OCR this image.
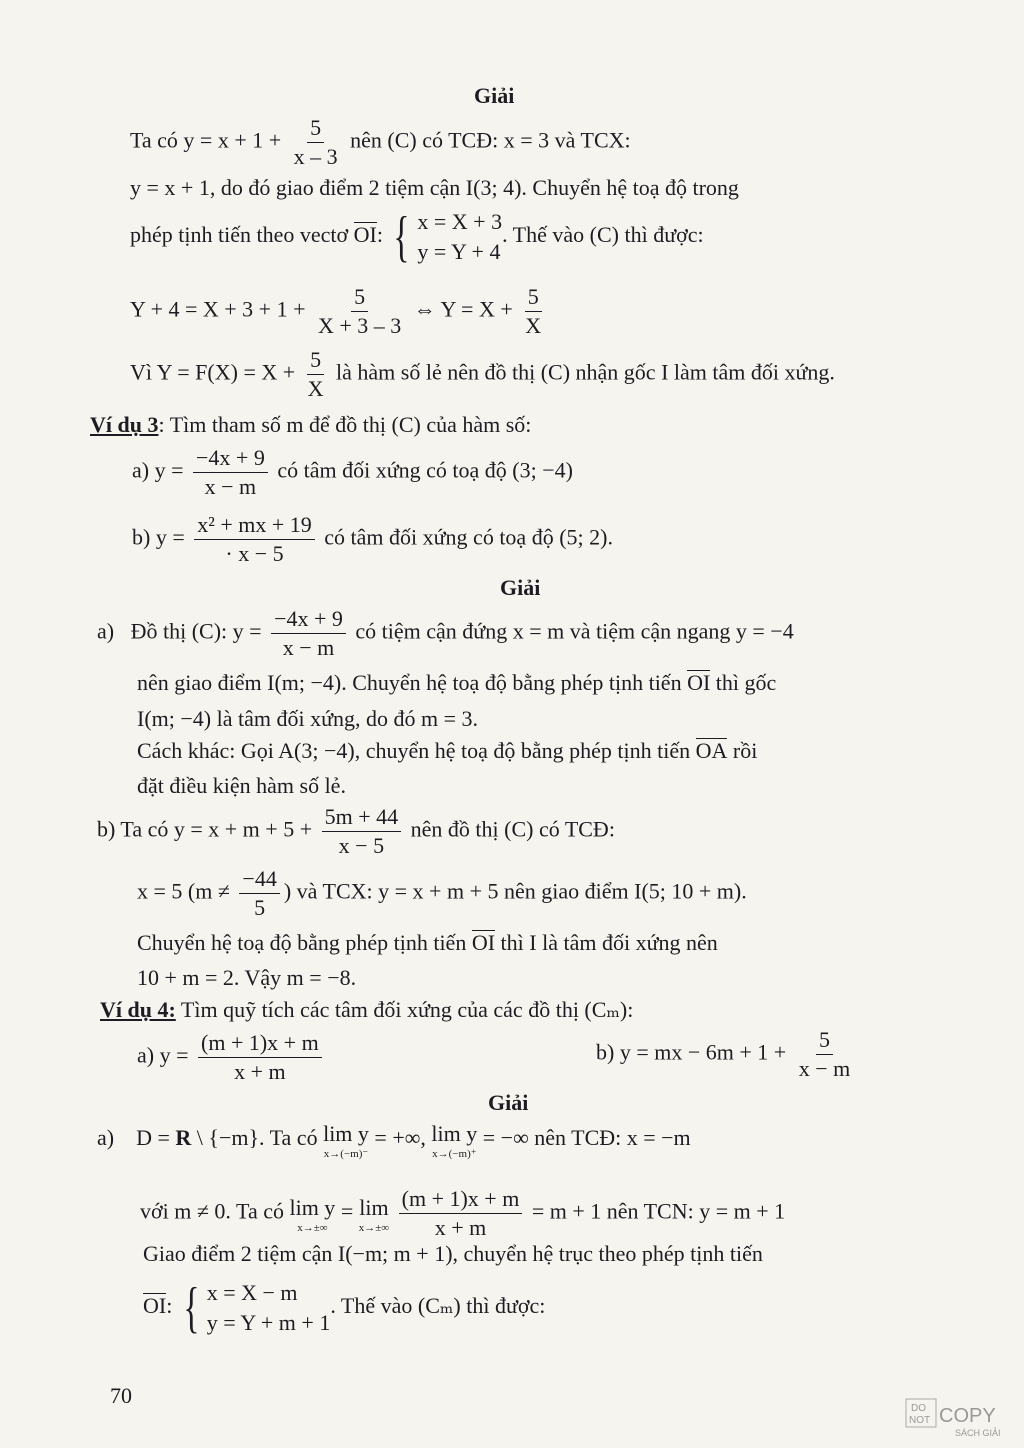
Giải
Ta có $y = x + 1 + \frac{5}{x - 3}$ nên (C) có TCĐ: x = 3 và TCX:
y = x + 1, do đó giao điểm 2 tiệm cận I(3; 4). Chuyển hệ toạ độ trong
phép tịnh tiến theo vectơ OI: { x = X + 3
y = Y + 4
. Thế vào (C) thì được:
$Y + 4 = X + 3 + 1 + \frac{5}{X + 3 - 3}$ ⇔ $Y = X + \frac{5}{X}$
Vì $Y = F(X) = X + \frac{5}{X}$ là hàm số lẻ nên đồ thị (C) nhận gốc I làm tâm đối xứng.
Ví dụ 3: Tìm tham số m để đồ thị (C) của hàm số:
a) $y = \frac{-4x + 9}{x - m}$ có tâm đối xứng có toạ độ (3; −4)
b) $y = \frac{\text{x² + mx + 19}}{\cdot x - 5}$ có tâm đối xứng có toạ độ (5; 2).
Giải
a) Đồ thị (C): $y = \frac{-4x + 9}{x - m}$ có tiệm cận đứng x = m và tiệm cận ngang y = −4
nên giao điểm I(m; −4). Chuyển hệ toạ độ bằng phép tịnh tiến OI thì gốc
I(m; −4) là tâm đối xứng, do đó m = 3.
Cách khác: Gọi A(3; −4), chuyển hệ toạ độ bằng phép tịnh tiến OA rồi
đặt điều kiện hàm số lẻ.
b) Ta có $y = x + m + 5 + \frac{5m + 44}{x - 5}$ nên đồ thị (C) có TCĐ:
x = 5 ($m \ne \frac{-44}{5}$ ) và TCX: y = x + m + 5 nên giao điểm I(5; 10 + m).
Chuyển hệ toạ độ bằng phép tịnh tiến OI thì I là tâm đối xứng nên
10 + m = 2. Vậy m = −8.
Ví dụ 4: Tìm quỹ tích các tâm đối xứng của các đồ thị (Cₘ):
a) $y = \frac{(m + 1)x + m}{x + m}$	b) y = mx − $6m + 1 + \frac{5}{x - m}$
Giải
a) D = R \ {−m}. Ta có lim y
x→(−m)⁻
= +∞, lim y
x→(−m)⁺
= −∞ nên TCĐ: x = −m
với m ≠ 0. Ta có lim y
x→±∞
= lim
x→±∞
$\frac{(m + 1)x + m}{x + m} = m + 1$ nên TCN: y = m + 1
Giao điểm 2 tiệm cận I(−m; m + 1), chuyển hệ trục theo phép tịnh tiến
OI: { x = X − m
y = Y + m + 1
. Thế vào (Cₘ) thì được:
70
DO
NOT COPY
SÁCH GIẢI
